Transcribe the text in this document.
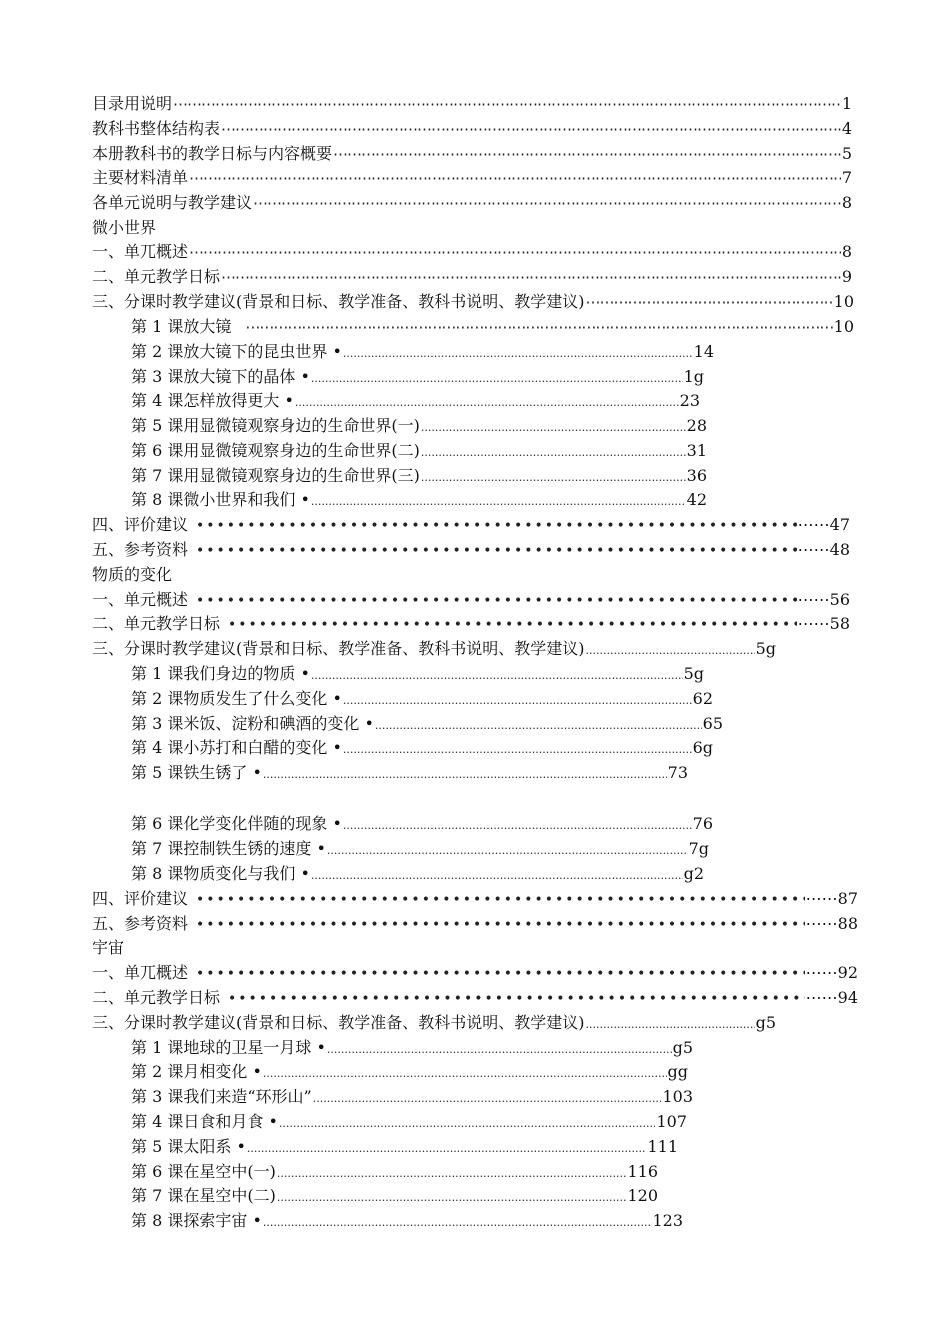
目录用说明 ⋯⋯⋯⋯⋯⋯⋯⋯⋯⋯⋯⋯⋯⋯⋯⋯⋯⋯⋯⋯⋯⋯⋯⋯⋯⋯⋯⋯⋯⋯⋯⋯⋯⋯⋯⋯⋯⋯⋯⋯⋯⋯⋯⋯⋯⋯⋯⋯⋯⋯⋯⋯⋯⋯⋯⋯⋯⋯⋯⋯⋯⋯⋯⋯⋯⋯⋯⋯⋯⋯⋯⋯⋯⋯⋯⋯⋯⋯⋯⋯	1
教科书整体结构表 ⋯⋯⋯⋯⋯⋯⋯⋯⋯⋯⋯⋯⋯⋯⋯⋯⋯⋯⋯⋯⋯⋯⋯⋯⋯⋯⋯⋯⋯⋯⋯⋯⋯⋯⋯⋯⋯⋯⋯⋯⋯⋯⋯⋯⋯⋯⋯⋯⋯⋯⋯⋯⋯⋯⋯⋯⋯⋯⋯⋯⋯⋯⋯⋯⋯⋯⋯⋯⋯⋯⋯⋯⋯⋯⋯⋯⋯⋯⋯⋯	4
本册教科书的教学日标与内容概要 ⋯⋯⋯⋯⋯⋯⋯⋯⋯⋯⋯⋯⋯⋯⋯⋯⋯⋯⋯⋯⋯⋯⋯⋯⋯⋯⋯⋯⋯⋯⋯⋯⋯⋯⋯⋯⋯⋯⋯⋯⋯⋯⋯⋯⋯⋯⋯⋯⋯⋯⋯⋯⋯⋯⋯⋯⋯⋯⋯⋯⋯⋯⋯⋯⋯⋯⋯⋯⋯⋯⋯⋯⋯⋯⋯⋯⋯⋯⋯⋯	5
主要材料清单 ⋯⋯⋯⋯⋯⋯⋯⋯⋯⋯⋯⋯⋯⋯⋯⋯⋯⋯⋯⋯⋯⋯⋯⋯⋯⋯⋯⋯⋯⋯⋯⋯⋯⋯⋯⋯⋯⋯⋯⋯⋯⋯⋯⋯⋯⋯⋯⋯⋯⋯⋯⋯⋯⋯⋯⋯⋯⋯⋯⋯⋯⋯⋯⋯⋯⋯⋯⋯⋯⋯⋯⋯⋯⋯⋯⋯⋯⋯⋯⋯	7
各单元说明与教学建议 ⋯⋯⋯⋯⋯⋯⋯⋯⋯⋯⋯⋯⋯⋯⋯⋯⋯⋯⋯⋯⋯⋯⋯⋯⋯⋯⋯⋯⋯⋯⋯⋯⋯⋯⋯⋯⋯⋯⋯⋯⋯⋯⋯⋯⋯⋯⋯⋯⋯⋯⋯⋯⋯⋯⋯⋯⋯⋯⋯⋯⋯⋯⋯⋯⋯⋯⋯⋯⋯⋯⋯⋯⋯⋯⋯⋯⋯⋯⋯⋯	8
微小世界
一、单兀概述 ⋯⋯⋯⋯⋯⋯⋯⋯⋯⋯⋯⋯⋯⋯⋯⋯⋯⋯⋯⋯⋯⋯⋯⋯⋯⋯⋯⋯⋯⋯⋯⋯⋯⋯⋯⋯⋯⋯⋯⋯⋯⋯⋯⋯⋯⋯⋯⋯⋯⋯⋯⋯⋯⋯⋯⋯⋯⋯⋯⋯⋯⋯⋯⋯⋯⋯⋯⋯⋯⋯⋯⋯⋯⋯⋯⋯⋯⋯⋯⋯	8
二、单元教学日标 ⋯⋯⋯⋯⋯⋯⋯⋯⋯⋯⋯⋯⋯⋯⋯⋯⋯⋯⋯⋯⋯⋯⋯⋯⋯⋯⋯⋯⋯⋯⋯⋯⋯⋯⋯⋯⋯⋯⋯⋯⋯⋯⋯⋯⋯⋯⋯⋯⋯⋯⋯⋯⋯⋯⋯⋯⋯⋯⋯⋯⋯⋯⋯⋯⋯⋯⋯⋯⋯⋯⋯⋯⋯⋯⋯⋯⋯⋯⋯⋯	9
三、分课时教学建议(背景和日标、教学准备、教科书说明、教学建议) ⋯⋯⋯⋯⋯⋯⋯⋯⋯⋯⋯⋯⋯⋯⋯⋯⋯⋯⋯⋯⋯⋯⋯⋯⋯⋯⋯⋯⋯⋯⋯⋯⋯⋯⋯⋯⋯⋯⋯⋯⋯⋯⋯⋯⋯⋯⋯⋯⋯⋯⋯⋯⋯⋯⋯⋯⋯⋯⋯⋯⋯⋯⋯⋯⋯⋯⋯⋯⋯⋯⋯⋯⋯⋯⋯⋯⋯⋯⋯⋯	10
第 1 课放大镜 ⋯⋯⋯⋯⋯⋯⋯⋯⋯⋯⋯⋯⋯⋯⋯⋯⋯⋯⋯⋯⋯⋯⋯⋯⋯⋯⋯⋯⋯⋯⋯⋯⋯⋯⋯⋯⋯⋯⋯⋯⋯⋯⋯⋯⋯⋯⋯⋯⋯⋯⋯⋯⋯⋯⋯⋯⋯⋯⋯⋯⋯⋯⋯⋯⋯⋯⋯⋯⋯⋯⋯⋯⋯⋯⋯⋯⋯⋯⋯⋯	10
第 2 课放大镜下的昆虫世界 • .....	14
第 3 课放大镜下的晶体 • .....	1g
第 4 课怎样放得更大 • .....	23
第 5 课用显微镜观察身边的生命世界(一) .....	28
第 6 课用显微镜观察身边的生命世界(二) .....	31
第 7 课用显微镜观察身边的生命世界(三) .....	36
第 8 课微小世界和我们 • .....	42
四、评价建议 •••••	⋯⋯47
五、参考资料 •••••	⋯⋯48
物质的变化
一、单元概述 •••••	⋯⋯56
二、单元教学日标 •••••	⋯⋯58
三、分课时教学建议(背景和日标、教学准备、教科书说明、教学建议) .....	5g
第 1 课我们身边的物质 • .....	5g
第 2 课物质发生了什么变化 • .....	62
第 3 课米饭、淀粉和碘酒的变化 • .....	65
第 4 课小苏打和白醋的变化 • .....	6g
第 5 课铁生锈了 • .....	73
第 6 课化学变化伴随的现象 • .....	76
第 7 课控制铁生锈的速度 • .....	7g
第 8 课物质变化与我们 • .....	g2
四、评价建议 •••••	⋯⋯87
五、参考资料 •••••	⋯⋯88
宇宙
一、单兀概述 •••••	⋯⋯92
二、单元教学日标 •••••	⋯⋯94
三、分课时教学建议(背景和日标、教学准备、教科书说明、教学建议) .....	g5
第 1 课地球的卫星一月球 • .....	g5
第 2 课月相变化 • .....	gg
第 3 课我们来造“环形山” .....	103
第 4 课日食和月食 • .....	107
第 5 课太阳系 • .....	111
第 6 课在星空中(一) .....	116
第 7 课在星空中(二) .....	120
第 8 课探索宇宙 • .....	123
